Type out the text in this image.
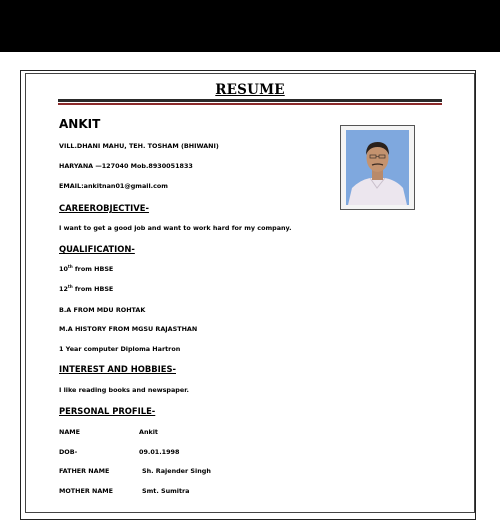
RESUME
ANKIT
VILL.DHANI MAHU, TEH. TOSHAM (BHIWANI)
HARYANA —127040 Mob.8930051833
EMAIL:ankitnan01@gmail.com
CAREEROBJECTIVE-
I want to get a good job and want to work hard for my company.
QUALIFICATION-
10th from HBSE
12th from HBSE
B.A FROM MDU ROHTAK
M.A HISTORY FROM MGSU RAJASTHAN
1 Year computer Diploma Hartron
INTEREST AND HOBBIES-
I like reading books and newspaper.
PERSONAL PROFILE-
NAME	Ankit
DOB-	09.01.1998
FATHER NAME	Sh. Rajender Singh
MOTHER NAME	Smt. Sumitra
